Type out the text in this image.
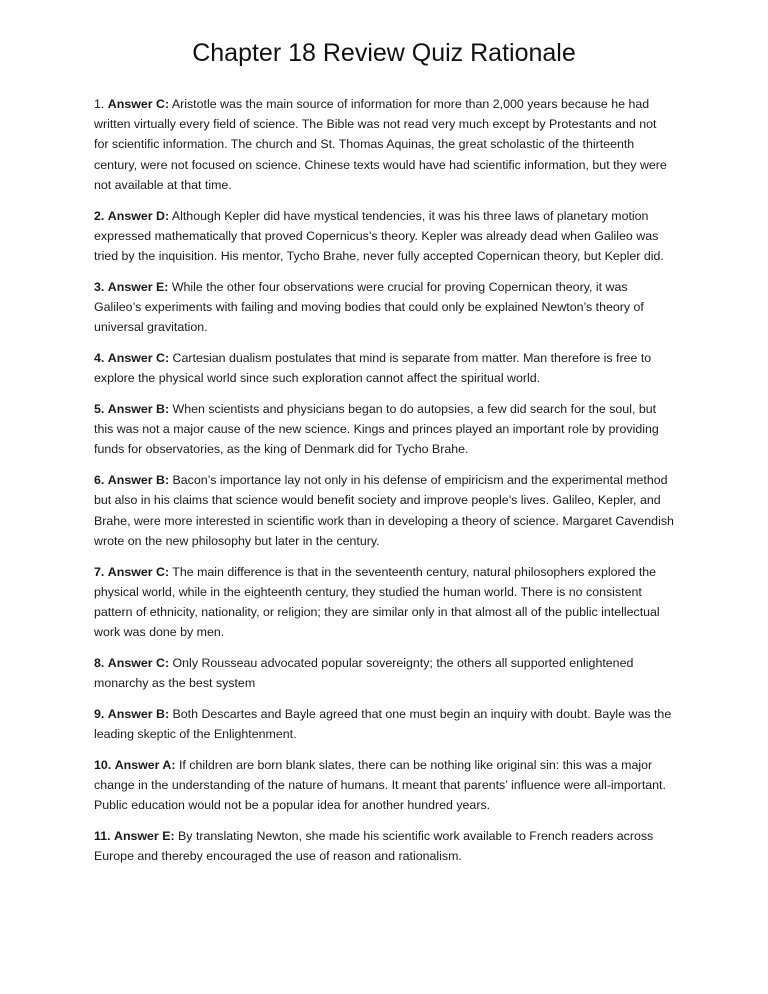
Chapter 18 Review Quiz Rationale

1. Answer C: Aristotle was the main source of information for more than 2,000 years because he had written virtually every field of science. The Bible was not read very much except by Protestants and not for scientific information. The church and St. Thomas Aquinas, the great scholastic of the thirteenth century, were not focused on science. Chinese texts would have had scientific information, but they were not available at that time.

2. Answer D: Although Kepler did have mystical tendencies, it was his three laws of planetary motion expressed mathematically that proved Copernicus’s theory. Kepler was already dead when Galileo was tried by the inquisition. His mentor, Tycho Brahe, never fully accepted Copernican theory, but Kepler did.

3. Answer E: While the other four observations were crucial for proving Copernican theory, it was Galileo’s experiments with failing and moving bodies that could only be explained Newton’s theory of universal gravitation.

4. Answer C: Cartesian dualism postulates that mind is separate from matter. Man therefore is free to explore the physical world since such exploration cannot affect the spiritual world.

5. Answer B: When scientists and physicians began to do autopsies, a few did search for the soul, but this was not a major cause of the new science. Kings and princes played an important role by providing funds for observatories, as the king of Denmark did for Tycho Brahe.

6. Answer B: Bacon’s importance lay not only in his defense of empiricism and the experimental method but also in his claims that science would benefit society and improve people’s lives. Galileo, Kepler, and Brahe, were more interested in scientific work than in developing a theory of science. Margaret Cavendish wrote on the new philosophy but later in the century.

7. Answer C: The main difference is that in the seventeenth century, natural philosophers explored the physical world, while in the eighteenth century, they studied the human world. There is no consistent pattern of ethnicity, nationality, or religion; they are similar only in that almost all of the public intellectual work was done by men.

8. Answer C: Only Rousseau advocated popular sovereignty; the others all supported enlightened monarchy as the best system

9. Answer B: Both Descartes and Bayle agreed that one must begin an inquiry with doubt. Bayle was the leading skeptic of the Enlightenment.

10. Answer A: If children are born blank slates, there can be nothing like original sin: this was a major change in the understanding of the nature of humans. It meant that parents’ influence were all-important. Public education would not be a popular idea for another hundred years.

11. Answer E: By translating Newton, she made his scientific work available to French readers across Europe and thereby encouraged the use of reason and rationalism.
